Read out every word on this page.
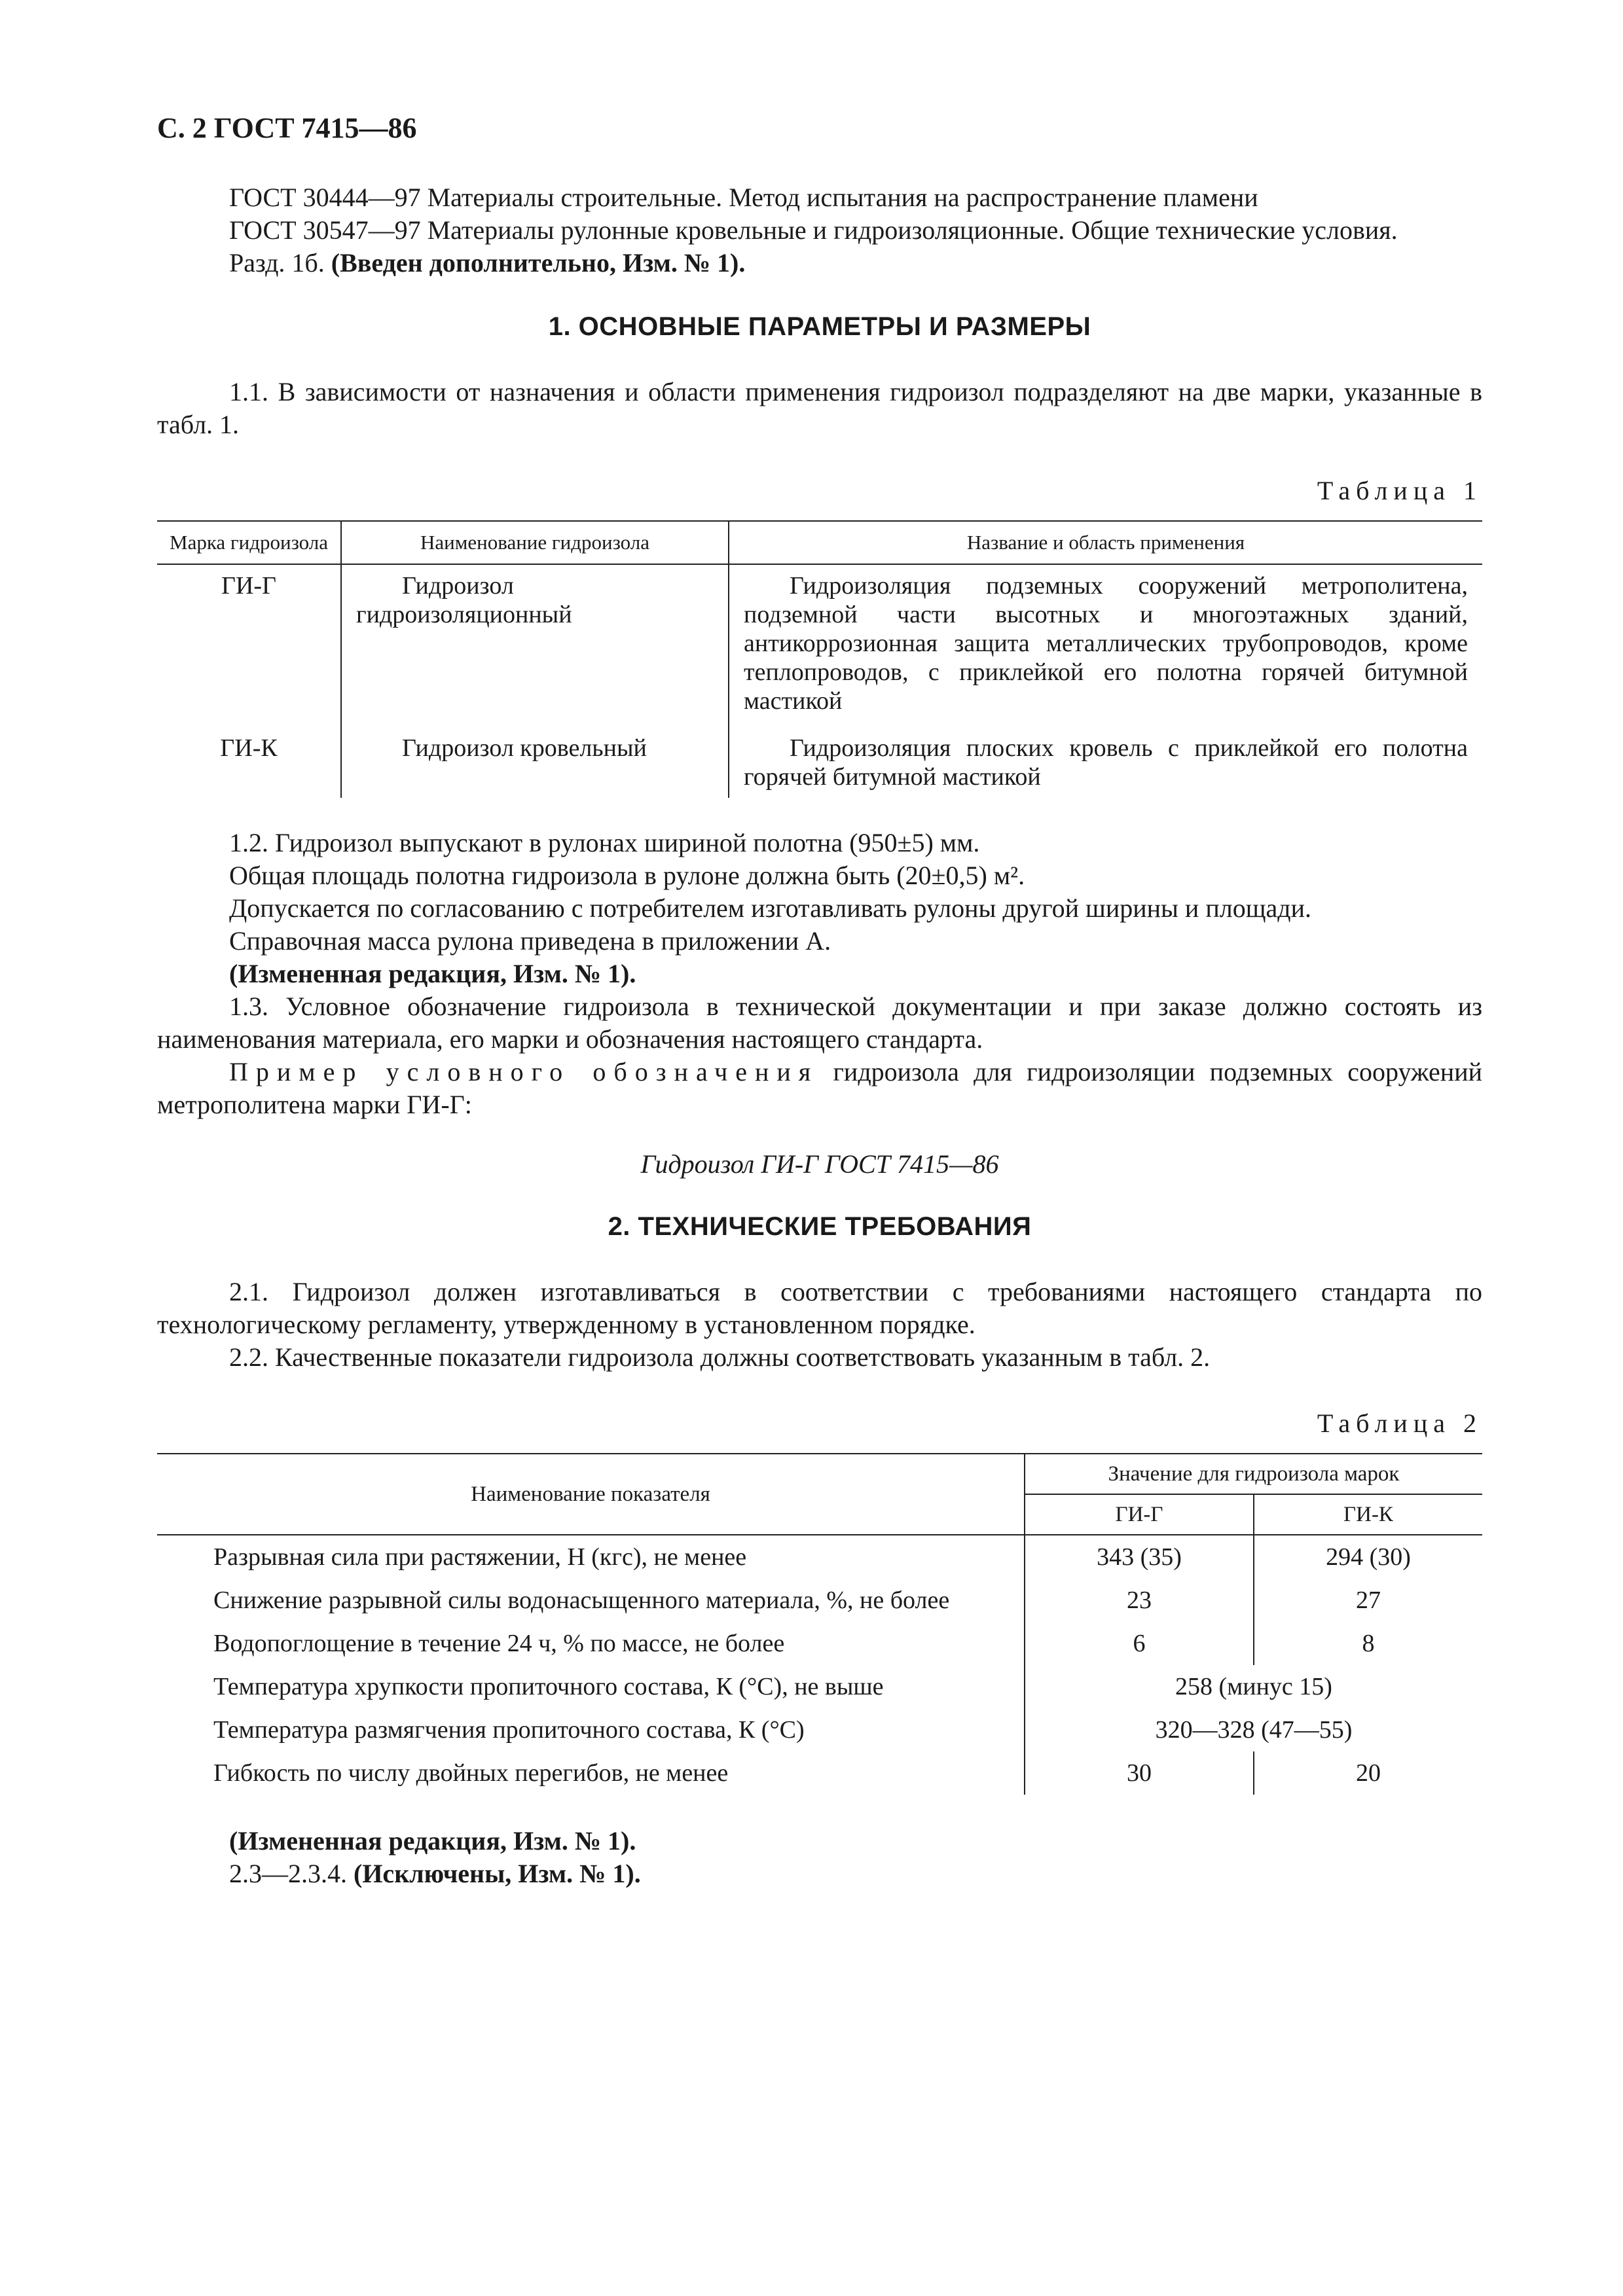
С. 2 ГОСТ 7415—86

ГОСТ 30444—97 Материалы строительные. Метод испытания на распространение пламени

ГОСТ 30547—97 Материалы рулонные кровельные и гидроизоляционные. Общие технические условия.

Разд. 1б. (Введен дополнительно, Изм. № 1).

1. ОСНОВНЫЕ ПАРАМЕТРЫ И РАЗМЕРЫ

1.1. В зависимости от назначения и области применения гидроизол подразделяют на две марки, указанные в табл. 1.

Таблица 1
Марка гидроизола	Наименование гидроизола	Название и область применения
ГИ-Г	Гидроизол гидроизоляционный	Гидроизоляция подземных сооружений метрополитена, подземной части высотных и многоэтажных зданий, антикоррозионная защита металлических трубопроводов, кроме теплопроводов, с приклейкой его полотна горячей битумной мастикой
ГИ-К	Гидроизол кровельный	Гидроизоляция плоских кровель с приклейкой его полотна горячей битумной мастикой

1.2. Гидроизол выпускают в рулонах шириной полотна (950±5) мм.

Общая площадь полотна гидроизола в рулоне должна быть (20±0,5) м².

Допускается по согласованию с потребителем изготавливать рулоны другой ширины и площади.

Справочная масса рулона приведена в приложении А.

(Измененная редакция, Изм. № 1).

1.3. Условное обозначение гидроизола в технической документации и при заказе должно состоять из наименования материала, его марки и обозначения настоящего стандарта.

Пример условного обозначения гидроизола для гидроизоляции подземных сооружений метрополитена марки ГИ-Г:

Гидроизол ГИ-Г ГОСТ 7415—86
2. ТЕХНИЧЕСКИЕ ТРЕБОВАНИЯ

2.1. Гидроизол должен изготавливаться в соответствии с требованиями настоящего стандарта по технологическому регламенту, утвержденному в установленном порядке.

2.2. Качественные показатели гидроизола должны соответствовать указанным в табл. 2.

Таблица 2
Наименование показателя	Значение для гидроизола марок	
	ГИ-Г	ГИ-К
Разрывная сила при растяжении, Н (кгс), не менее	343 (35)	294 (30)
Снижение разрывной силы водонасыщенного материала, %, не более	23	27
Водопоглощение в течение 24 ч, % по массе, не более	6	8
Температура хрупкости пропиточного состава, К (°С), не выше	258 (минус 15)	
Температура размягчения пропиточного состава, К (°С)	320—328 (47—55)	
Гибкость по числу двойных перегибов, не менее	30	20

(Измененная редакция, Изм. № 1).

2.3—2.3.4. (Исключены, Изм. № 1).
